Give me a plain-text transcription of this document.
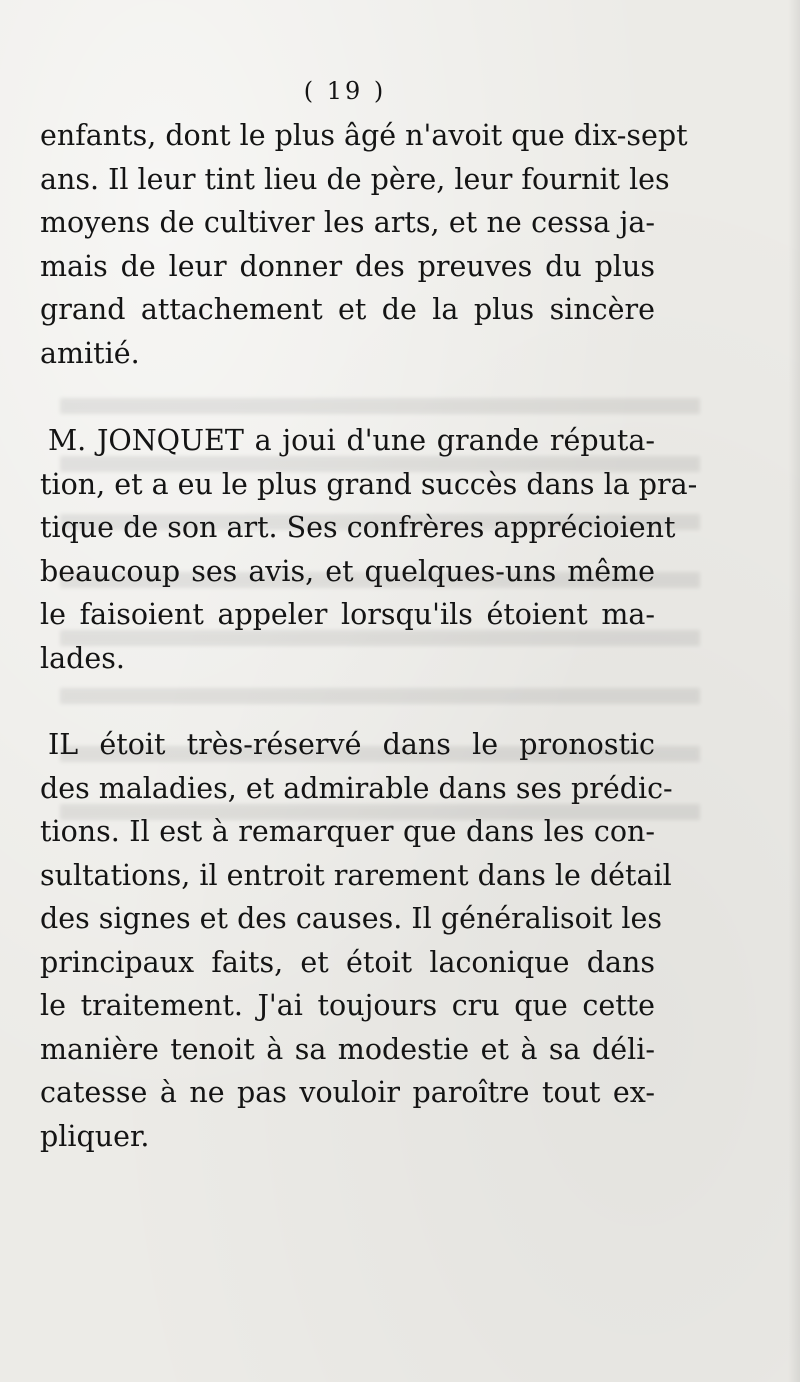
( 19 )
enfants, dont le plus âgé n'avoit que dix-sept
ans. Il leur tint lieu de père, leur fournit les
moyens de cultiver les arts, et ne cessa ja-
mais de leur donner des preuves du plus
grand attachement et de la plus sincère
amitié.
M. JONQUET a joui d'une grande réputa-
tion, et a eu le plus grand succès dans la pra-
tique de son art. Ses confrères apprécioient
beaucoup ses avis, et quelques-uns même
le faisoient appeler lorsqu'ils étoient ma-
lades.
IL étoit très-réservé dans le pronostic
des maladies, et admirable dans ses prédic-
tions. Il est à remarquer que dans les con-
sultations, il entroit rarement dans le détail
des signes et des causes. Il généralisoit les
principaux faits, et étoit laconique dans
le traitement. J'ai toujours cru que cette
manière tenoit à sa modestie et à sa déli-
catesse à ne pas vouloir paroître tout ex-
pliquer.
